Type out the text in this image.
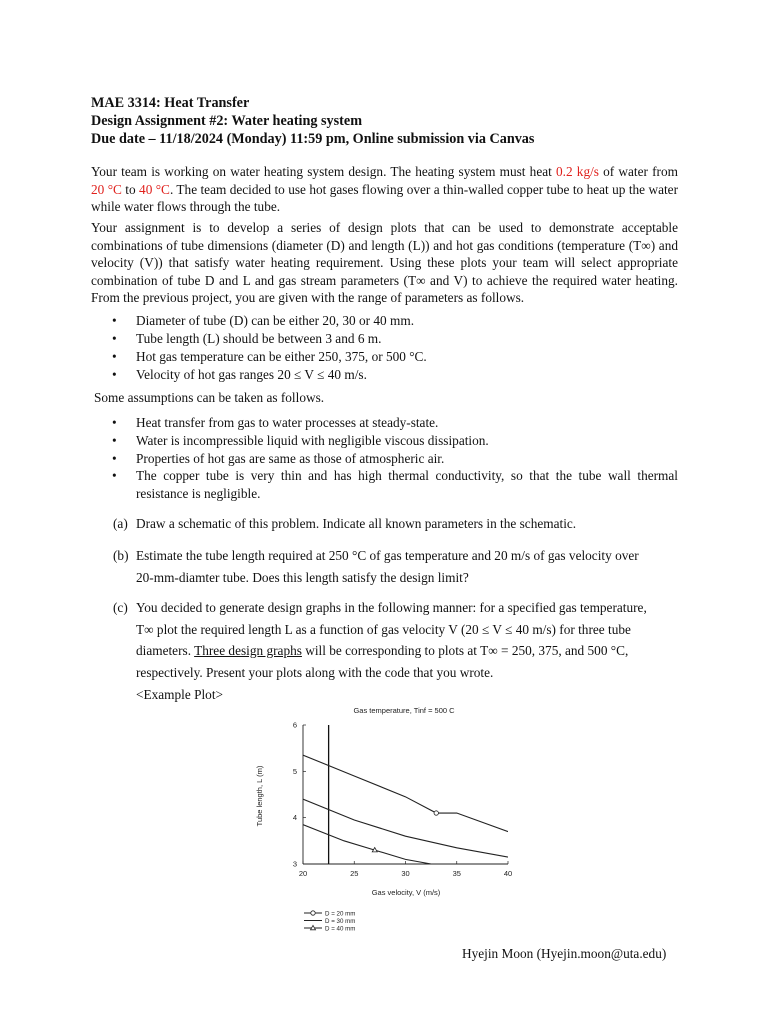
MAE 3314: Heat Transfer
Design Assignment #2: Water heating system
Due date – 11/18/2024 (Monday) 11:59 pm, Online submission via Canvas

Your team is working on water heating system design. The heating system must heat 0.2 kg/s of water from 20 °C to 40 °C. The team decided to use hot gases flowing over a thin-walled copper tube to heat up the water while water flows through the tube.

Your assignment is to develop a series of design plots that can be used to demonstrate acceptable combinations of tube dimensions (diameter (D) and length (L)) and hot gas conditions (temperature (T∞) and velocity (V)) that satisfy water heating requirement. Using these plots your team will select appropriate combination of tube D and L and gas stream parameters (T∞ and V) to achieve the required water heating. From the previous project, you are given with the range of parameters as follows.

• Diameter of tube (D) can be either 20, 30 or 40 mm.
• Tube length (L) should be between 3 and 6 m.
• Hot gas temperature can be either 250, 375, or 500 °C.
• Velocity of hot gas ranges 20 ≤ V ≤ 40 m/s.
Some assumptions can be taken as follows.
• Heat transfer from gas to water processes at steady-state.
• Water is incompressible liquid with negligible viscous dissipation.
• Properties of hot gas are same as those of atmospheric air.
• The copper tube is very thin and has high thermal conductivity, so that the tube wall thermal resistance is negligible.
(a) Draw a schematic of this problem. Indicate all known parameters in the schematic.
(b) Estimate the tube length required at 250 °C of gas temperature and 20 m/s of gas velocity over
20-mm-diamter tube. Does this length satisfy the design limit?
(c) You decided to generate design graphs in the following manner: for a specified gas temperature,
T∞ plot the required length L as a function of gas velocity V (20 ≤ V ≤ 40 m/s) for three tube
diameters. Three design graphs will be corresponding to plots at T∞ = 250, 375, and 500 °C,
respectively. Present your plots along with the code that you wrote.
<Example Plot>
Gas temperature, Tinf = 500 C
20	25	30	35	40
3
4
5
6
Gas velocity, V (m/s)
Tube length, L (m)
D = 20 mm
D = 30 mm
D = 40 mm
Hyejin Moon (Hyejin.moon@uta.edu)
